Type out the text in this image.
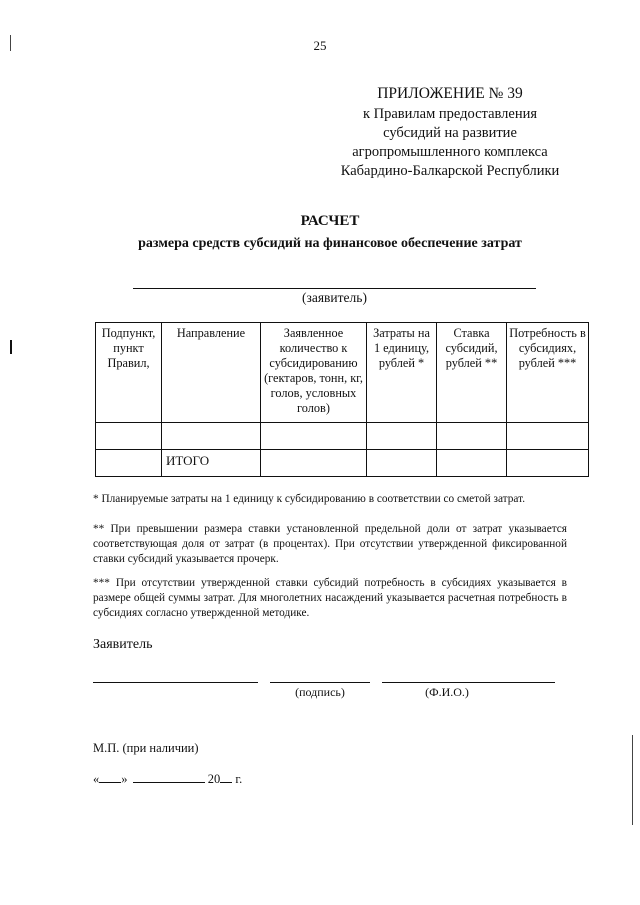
25
ПРИЛОЖЕНИЕ № 39
к Правилам предоставления
субсидий на развитие
агропромышленного комплекса
Кабардино-Балкарской Республики
РАСЧЕТ
размера средств субсидий на финансовое обеспечение затрат
(заявитель)
Подпункт, пункт Правил,	Направление	Заявленное количество к субсидированию (гектаров, тонн, кг, голов, условных голов)	Затраты на 1 единицу, рублей *	Ставка субсидий, рублей **	Потребность в субсидиях, рублей ***

	ИТОГО				
* Планируемые затраты на 1 единицу к субсидированию в соответствии со сметой затрат.
** При превышении размера ставки установленной предельной доли от затрат указывается соответствующая доля от затрат (в процентах). При отсутствии утвержденной фиксированной ставки субсидий указывается прочерк.
*** При отсутствии утвержденной ставки субсидий потребность в субсидиях указывается в размере общей суммы затрат. Для многолетних насаждений указывается расчетная потребность в субсидиях согласно утвержденной методике.
Заявитель
(подпись)	(Ф.И.О.)
М.П. (при наличии)
« »	20 г.
